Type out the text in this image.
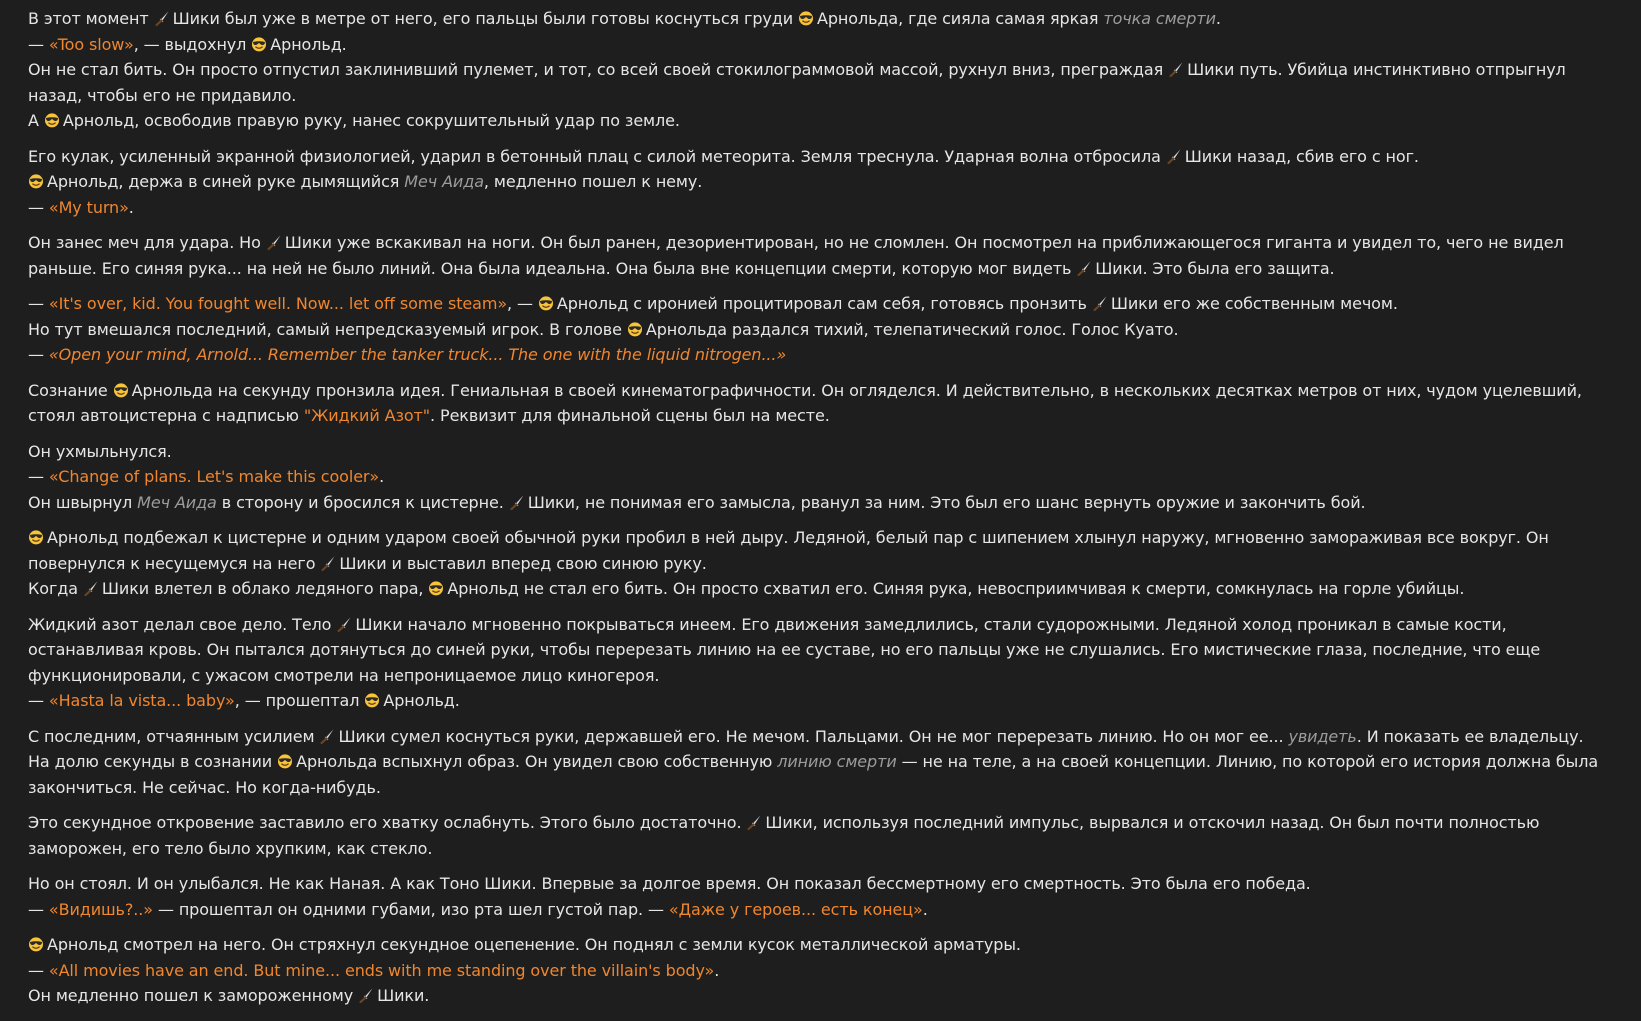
В этот момент
Шики был уже в метре от него, его пальцы были готовы коснуться груди
Арнольда, где сияла самая яркая точка смерти.
— «Too slow», — выдохнул
Арнольд.
Он не стал бить. Он просто отпустил заклинивший пулемет, и тот, со всей своей стокилограммовой массой, рухнул вниз, преграждая
Шики путь. Убийца инстинктивно отпрыгнул назад, чтобы его не придавило.
А
Арнольд, освободив правую руку, нанес сокрушительный удар по земле.
Его кулак, усиленный экранной физиологией, ударил в бетонный плац с силой метеорита. Земля треснула. Ударная волна отбросила
Шики назад, сбив его с ног.
Арнольд, держа в синей руке дымящийся Меч Аида, медленно пошел к нему.
— «My turn».
Он занес меч для удара. Но
Шики уже вскакивал на ноги. Он был ранен, дезориентирован, но не сломлен. Он посмотрел на приближающегося гиганта и увидел то, чего не видел раньше. Его синяя рука... на ней не было линий. Она была идеальна. Она была вне концепции смерти, которую мог видеть
Шики. Это была его защита.
— «It's over, kid. You fought well. Now... let off some steam», —
Арнольд с иронией процитировал сам себя, готовясь пронзить
Шики его же собственным мечом.
Но тут вмешался последний, самый непредсказуемый игрок. В голове
Арнольда раздался тихий, телепатический голос. Голос Куато.
— «Open your mind, Arnold... Remember the tanker truck... The one with the liquid nitrogen...»
Сознание
Арнольда на секунду пронзила идея. Гениальная в своей кинематографичности. Он огляделся. И действительно, в нескольких десятках метров от них, чудом уцелевший, стоял автоцистерна с надписью "Жидкий Азот". Реквизит для финальной сцены был на месте.
Он ухмыльнулся.
— «Change of plans. Let's make this cooler».
Он швырнул Меч Аида в сторону и бросился к цистерне.
Шики, не понимая его замысла, рванул за ним. Это был его шанс вернуть оружие и закончить бой.
Арнольд подбежал к цистерне и одним ударом своей обычной руки пробил в ней дыру. Ледяной, белый пар с шипением хлынул наружу, мгновенно замораживая все вокруг. Он повернулся к несущемуся на него
Шики и выставил вперед свою синюю руку.
Когда
Шики влетел в облако ледяного пара,
Арнольд не стал его бить. Он просто схватил его. Синяя рука, невосприимчивая к смерти, сомкнулась на горле убийцы.
Жидкий азот делал свое дело. Тело
Шики начало мгновенно покрываться инеем. Его движения замедлились, стали судорожными. Ледяной холод проникал в самые кости, останавливая кровь. Он пытался дотянуться до синей руки, чтобы перерезать линию на ее суставе, но его пальцы уже не слушались. Его мистические глаза, последние, что еще функционировали, с ужасом смотрели на непроницаемое лицо киногероя.
— «Hasta la vista... baby», — прошептал
Арнольд.
С последним, отчаянным усилием
Шики сумел коснуться руки, державшей его. Не мечом. Пальцами. Он не мог перерезать линию. Но он мог ее... увидеть. И показать ее владельцу.
На долю секунды в сознании
Арнольда вспыхнул образ. Он увидел свою собственную линию смерти — не на теле, а на своей концепции. Линию, по которой его история должна была закончиться. Не сейчас. Но когда-нибудь.
Это секундное откровение заставило его хватку ослабнуть. Этого было достаточно.
Шики, используя последний импульс, вырвался и отскочил назад. Он был почти полностью заморожен, его тело было хрупким, как стекло.
Но он стоял. И он улыбался. Не как Наная. А как Тоно Шики. Впервые за долгое время. Он показал бессмертному его смертность. Это была его победа.
— «Видишь?..» — прошептал он одними губами, изо рта шел густой пар. — «Даже у героев... есть конец».
Арнольд смотрел на него. Он стряхнул секундное оцепенение. Он поднял с земли кусок металлической арматуры.
— «All movies have an end. But mine... ends with me standing over the villain's body».
Он медленно пошел к замороженному
Шики.
